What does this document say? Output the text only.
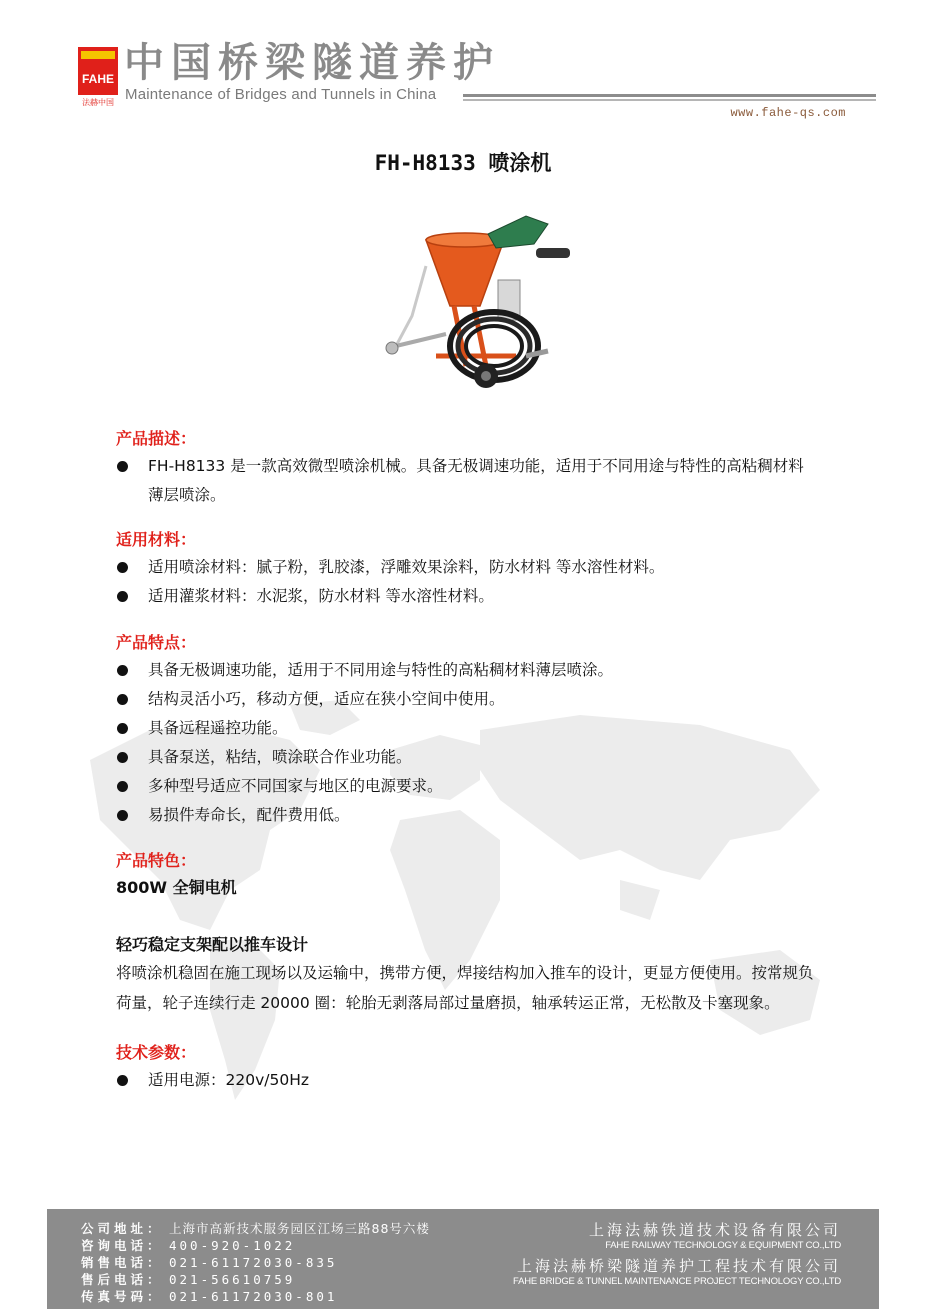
FAHE
法赫中国
中国桥梁隧道养护
Maintenance of Bridges and Tunnels in China
www.fahe-qs.com
FH-H8133 喷涂机
产品描述：
FH-H8133 是一款高效微型喷涂机械。具备无极调速功能，适用于不同用途与特性的高粘稠材料薄层喷涂。
适用材料：
适用喷涂材料：腻子粉，乳胶漆，浮雕效果涂料，防水材料 等水溶性材料。
适用灌浆材料：水泥浆，防水材料 等水溶性材料。
产品特点：
具备无极调速功能，适用于不同用途与特性的高粘稠材料薄层喷涂。
结构灵活小巧，移动方便，适应在狭小空间中使用。
具备远程遥控功能。
具备泵送，粘结，喷涂联合作业功能。
多种型号适应不同国家与地区的电源要求。
易损件寿命长，配件费用低。
产品特色：
800W 全铜电机
轻巧稳定支架配以推车设计
将喷涂机稳固在施工现场以及运输中，携带方便，焊接结构加入推车的设计，更显方便使用。按常规负荷量，轮子连续行走 20000 圈：轮胎无剥落局部过量磨损，轴承转运正常，无松散及卡塞现象。
技术参数：
适用电源：220v/50Hz
公司地址： 上海市高新技术服务园区江场三路88号六楼
咨询电话： 400-920-1022
销售电话： 021-61172030-835
售后电话： 021-56610759
传真号码： 021-61172030-801
上海法赫铁道技术设备有限公司
FAHE RAILWAY TECHNOLOGY & EQUIPMENT CO.,LTD
上海法赫桥梁隧道养护工程技术有限公司
FAHE BRIDGE & TUNNEL MAINTENANCE PROJECT TECHNOLOGY CO.,LTD
